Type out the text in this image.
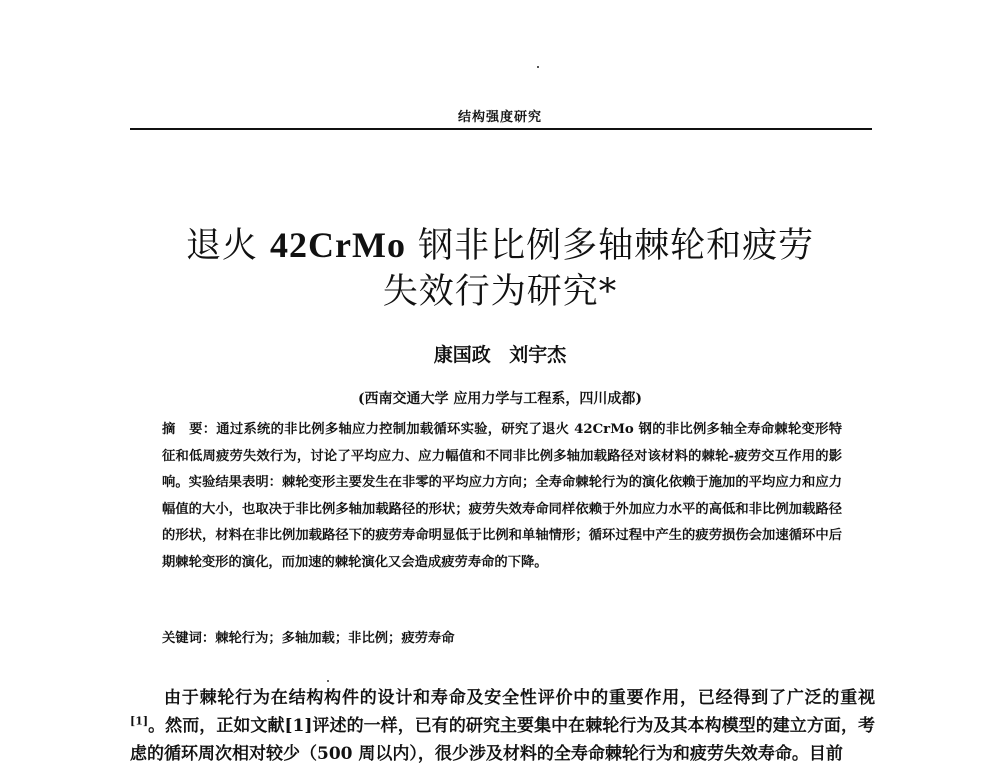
结构强度研究
退火 42CrMo 钢非比例多轴棘轮和疲劳
失效行为研究*
康国政 刘宇杰
(西南交通大学 应用力学与工程系，四川成都)

摘　要：通过系统的非比例多轴应力控制加载循环实验，研究了退火 42CrMo 钢的非比例多轴全寿命棘轮变形特征和低周疲劳失效行为，讨论了平均应力、应力幅值和不同非比例多轴加载路径对该材料的棘轮-疲劳交互作用的影响。实验结果表明：棘轮变形主要发生在非零的平均应力方向；全寿命棘轮行为的演化依赖于施加的平均应力和应力幅值的大小，也取决于非比例多轴加载路径的形状；疲劳失效寿命同样依赖于外加应力水平的高低和非比例加载路径的形状，材料在非比例加载路径下的疲劳寿命明显低于比例和单轴情形；循环过程中产生的疲劳损伤会加速循环中后期棘轮变形的演化，而加速的棘轮演化又会造成疲劳寿命的下降。

关键词：棘轮行为；多轴加载；非比例；疲劳寿命

由于棘轮行为在结构构件的设计和寿命及安全性评价中的重要作用，已经得到了广泛的重视[1]。然而，正如文献[1]评述的一样，已有的研究主要集中在棘轮行为及其本构模型的建立方面，考虑的循环周次相对较少（500 周以内），很少涉及材料的全寿命棘轮行为和疲劳失效寿命。目前
